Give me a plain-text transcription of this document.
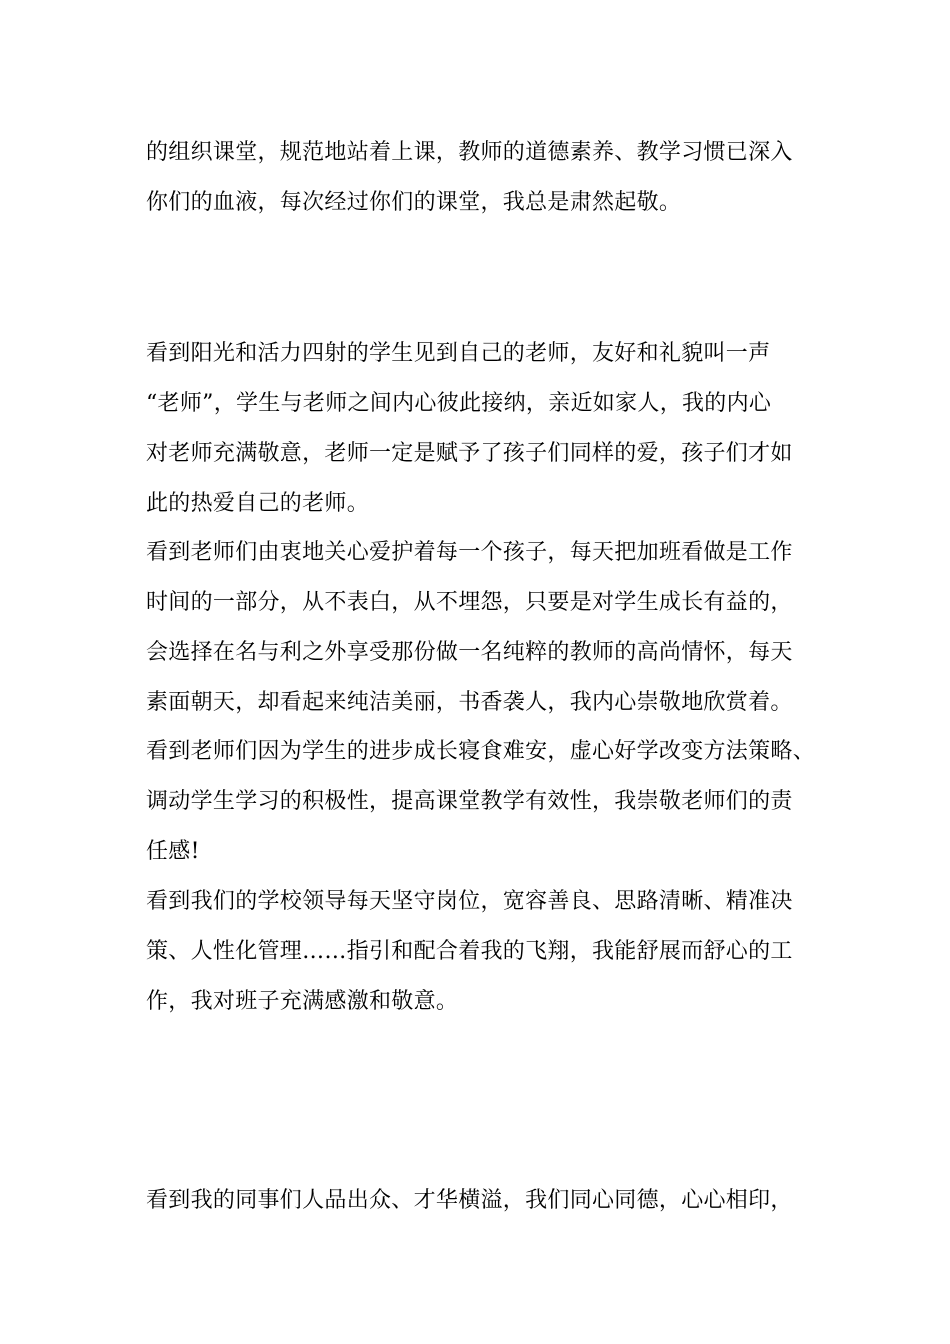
的组织课堂，规范地站着上课，教师的道德素养、教学习惯已深入
你们的血液，每次经过你们的课堂，我总是肃然起敬。

看到阳光和活力四射的学生见到自己的老师，友好和礼貌叫一声
“老师”，学生与老师之间内心彼此接纳，亲近如家人，我的内心
对老师充满敬意，老师一定是赋予了孩子们同样的爱，孩子们才如
此的热爱自己的老师。

看到老师们由衷地关心爱护着每一个孩子，每天把加班看做是工作
时间的一部分，从不表白，从不埋怨，只要是对学生成长有益的，
会选择在名与利之外享受那份做一名纯粹的教师的高尚情怀，每天
素面朝天，却看起来纯洁美丽，书香袭人，我内心崇敬地欣赏着。

看到老师们因为学生的进步成长寝食难安，虚心好学改变方法策略、
调动学生学习的积极性，提高课堂教学有效性，我崇敬老师们的责
任感!

看到我们的学校领导每天坚守岗位，宽容善良、思路清晰、精准决
策、人性化管理……指引和配合着我的飞翔，我能舒展而舒心的工
作，我对班子充满感激和敬意。

看到我的同事们人品出众、才华横溢，我们同心同德，心心相印，
